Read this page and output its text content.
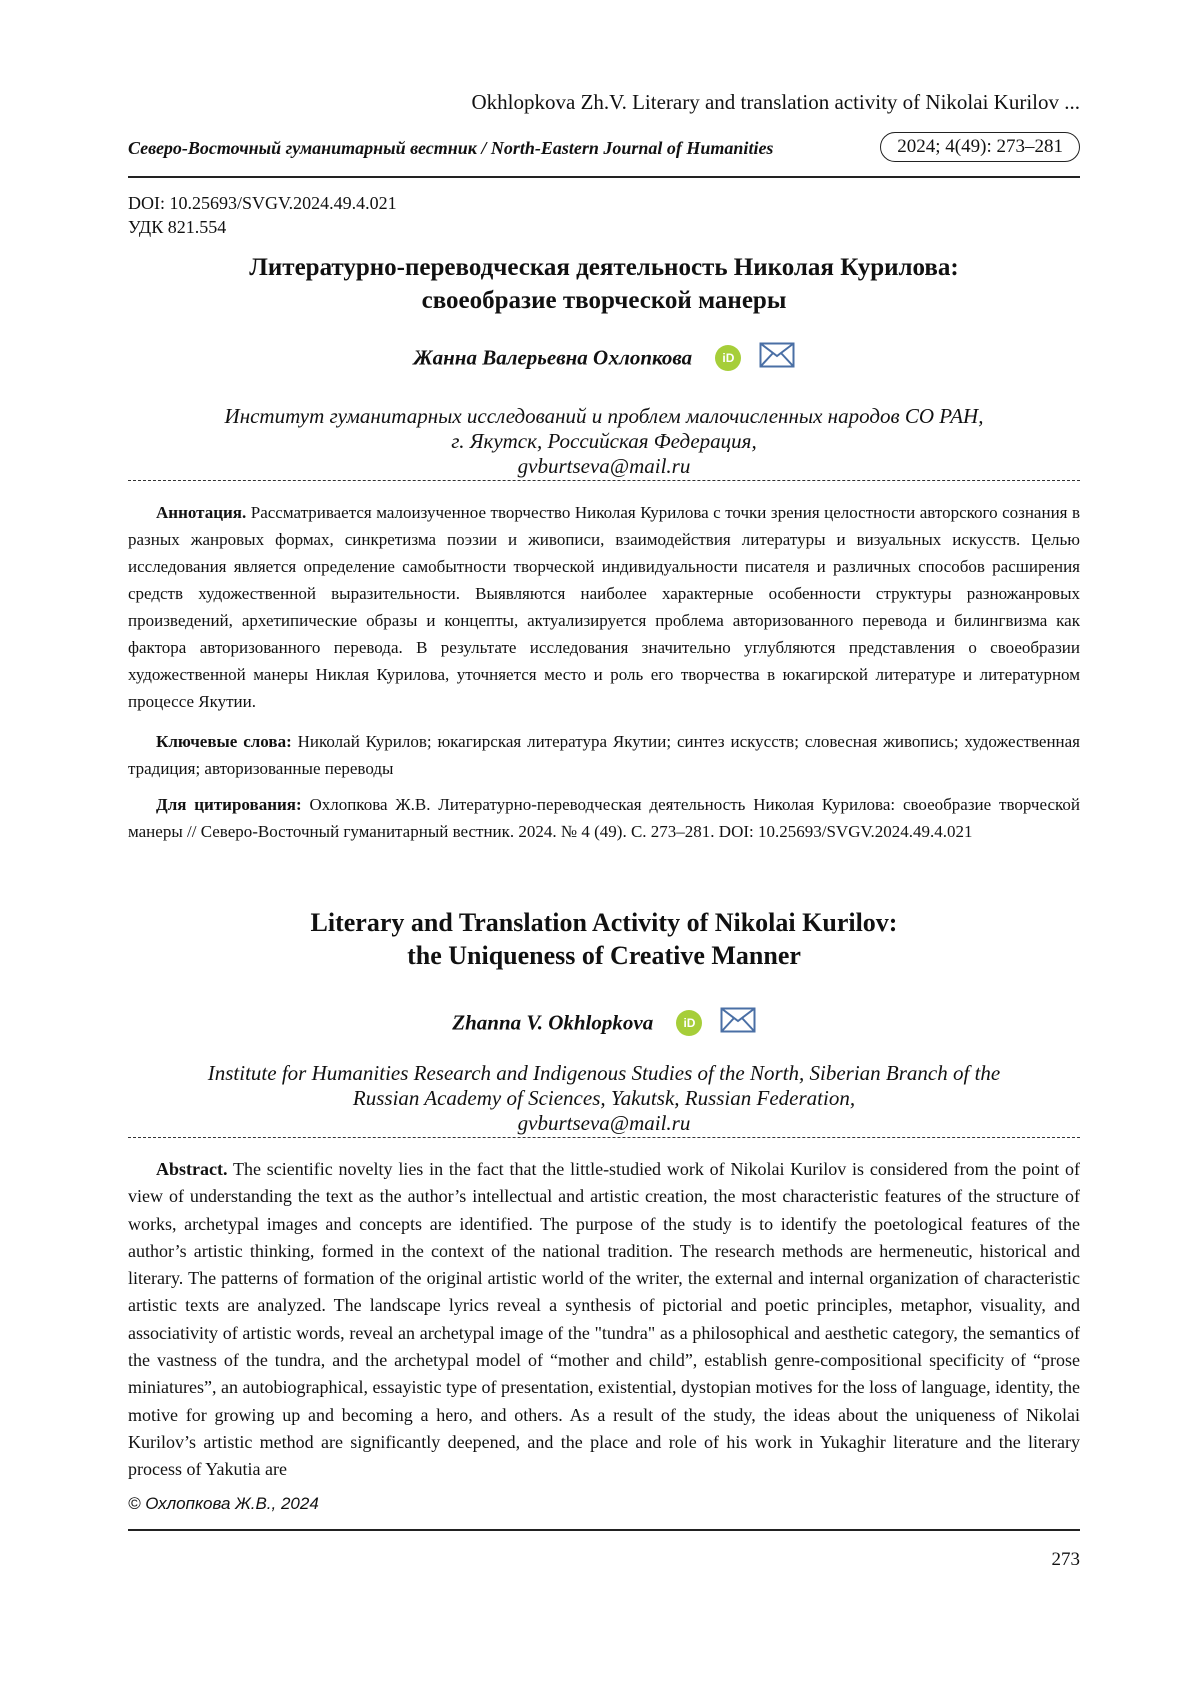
Okhlopkova Zh.V. Literary and translation activity of Nikolai Kurilov ...
Северо-Восточный гуманитарный вестник / North-Eastern Journal of Humanities	2024; 4(49): 273–281
DOI: 10.25693/SVGV.2024.49.4.021
УДК 821.554
Литературно-переводческая деятельность Николая Курилова:
своеобразие творческой манеры
Жанна Валерьевна Охлопкова	iD
Институт гуманитарных исследований и проблем малочисленных народов СО РАН,
г. Якутск, Российская Федерация,
gvburtseva@mail.ru
Аннотация. Рассматривается малоизученное творчество Николая Курилова с точки зрения целостности авторского сознания в разных жанровых формах, синкретизма поэзии и живописи, взаимодействия литературы и визуальных искусств. Целью исследования является определение самобытности творческой индивидуальности писателя и различных способов расширения средств художественной выразительности. Выявляются наиболее характерные особенности структуры разножанровых произведений, архетипические образы и концепты, актуализируется проблема авторизованного перевода и билингвизма как фактора авторизованного перевода. В результате исследования значительно углубляются представления о своеобразии художественной манеры Никлая Курилова, уточняется место и роль его творчества в юкагирской литературе и литературном процессе Якутии.
Ключевые слова: Николай Курилов; юкагирская литература Якутии; синтез искусств; словесная живопись; художественная традиция; авторизованные переводы
Для цитирования: Охлопкова Ж.В. Литературно-переводческая деятельность Николая Курилова: своеобразие творческой манеры // Северо-Восточный гуманитарный вестник. 2024. № 4 (49). С. 273–281. DOI: 10.25693/SVGV.2024.49.4.021
Literary and Translation Activity of Nikolai Kurilov:
the Uniqueness of Creative Manner
Zhanna V. Okhlopkova	iD
Institute for Humanities Research and Indigenous Studies of the North, Siberian Branch of the
Russian Academy of Sciences, Yakutsk, Russian Federation,
gvburtseva@mail.ru
Abstract. The scientific novelty lies in the fact that the little-studied work of Nikolai Kurilov is considered from the point of view of understanding the text as the author’s intellectual and artistic creation, the most characteristic features of the structure of works, archetypal images and concepts are identified. The purpose of the study is to identify the poetological features of the author’s artistic thinking, formed in the context of the national tradition. The research methods are hermeneutic, historical and literary. The patterns of formation of the original artistic world of the writer, the external and internal organization of characteristic artistic texts are analyzed. The landscape lyrics reveal a synthesis of pictorial and poetic principles, metaphor, visuality, and associativity of artistic words, reveal an archetypal image of the "tundra" as a philosophical and aesthetic category, the semantics of the vastness of the tundra, and the archetypal model of “mother and child”, establish genre-compositional specificity of “prose miniatures”, an autobiographical, essayistic type of presentation, existential, dystopian motives for the loss of language, identity, the motive for growing up and becoming a hero, and others. As a result of the study, the ideas about the uniqueness of Nikolai Kurilov’s artistic method are significantly deepened, and the place and role of his work in Yukaghir literature and the literary process of Yakutia are
© Охлопкова Ж.В., 2024
273
